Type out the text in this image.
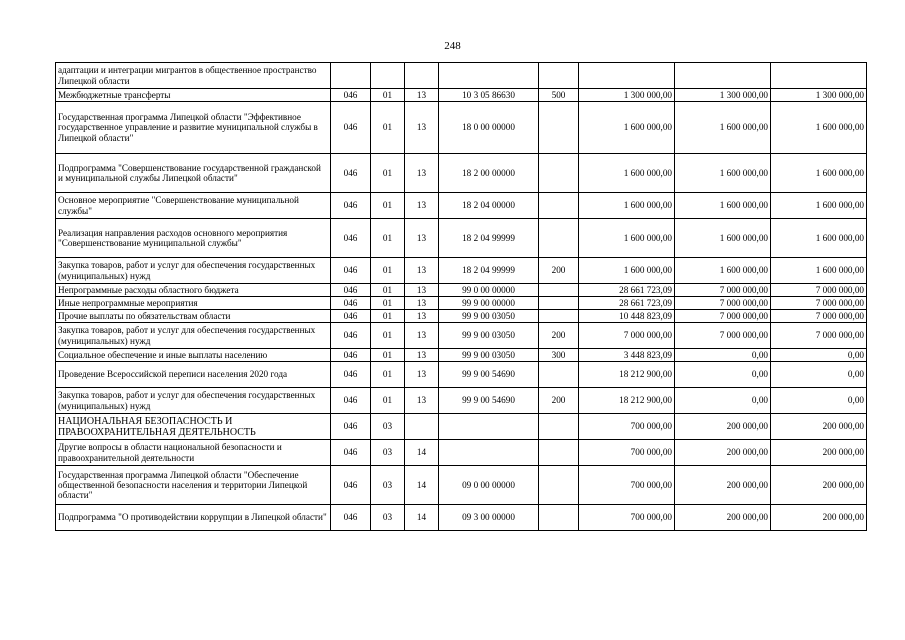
248
адаптации и интеграции мигрантов в общественное пространство Липецкой области								
Межбюджетные трансферты	046	01	13	10 3 05 86630	500	1 300 000,00	1 300 000,00	1 300 000,00
Государственная программа Липецкой области "Эффективное государственное управление и развитие муниципальной службы в Липецкой области"	046	01	13	18 0 00 00000		1 600 000,00	1 600 000,00	1 600 000,00
Подпрограмма "Совершенствование государственной гражданской и муниципальной службы Липецкой области"	046	01	13	18 2 00 00000		1 600 000,00	1 600 000,00	1 600 000,00
Основное мероприятие "Совершенствование муниципальной службы"	046	01	13	18 2 04 00000		1 600 000,00	1 600 000,00	1 600 000,00
Реализация направления расходов основного мероприятия "Совершенствование муниципальной службы"	046	01	13	18 2 04 99999		1 600 000,00	1 600 000,00	1 600 000,00
Закупка товаров, работ и услуг для обеспечения государственных (муниципальных) нужд	046	01	13	18 2 04 99999	200	1 600 000,00	1 600 000,00	1 600 000,00
Непрограммные расходы областного бюджета	046	01	13	99 0 00 00000		28 661 723,09	7 000 000,00	7 000 000,00
Иные непрограммные мероприятия	046	01	13	99 9 00 00000		28 661 723,09	7 000 000,00	7 000 000,00
Прочие выплаты по обязательствам области	046	01	13	99 9 00 03050		10 448 823,09	7 000 000,00	7 000 000,00
Закупка товаров, работ и услуг для обеспечения государственных (муниципальных) нужд	046	01	13	99 9 00 03050	200	7 000 000,00	7 000 000,00	7 000 000,00
Социальное обеспечение и иные выплаты населению	046	01	13	99 9 00 03050	300	3 448 823,09	0,00	0,00
Проведение Всероссийской переписи населения 2020 года	046	01	13	99 9 00 54690		18 212 900,00	0,00	0,00
Закупка товаров, работ и услуг для обеспечения государственных (муниципальных) нужд	046	01	13	99 9 00 54690	200	18 212 900,00	0,00	0,00
НАЦИОНАЛЬНАЯ БЕЗОПАСНОСТЬ И ПРАВООХРАНИТЕЛЬНАЯ ДЕЯТЕЛЬНОСТЬ	046	03				700 000,00	200 000,00	200 000,00
Другие вопросы в области национальной безопасности и правоохранительной деятельности	046	03	14			700 000,00	200 000,00	200 000,00
Государственная программа Липецкой области "Обеспечение общественной безопасности населения и территории Липецкой области"	046	03	14	09 0 00 00000		700 000,00	200 000,00	200 000,00
Подпрограмма "О противодействии коррупции в Липецкой области"	046	03	14	09 3 00 00000		700 000,00	200 000,00	200 000,00
